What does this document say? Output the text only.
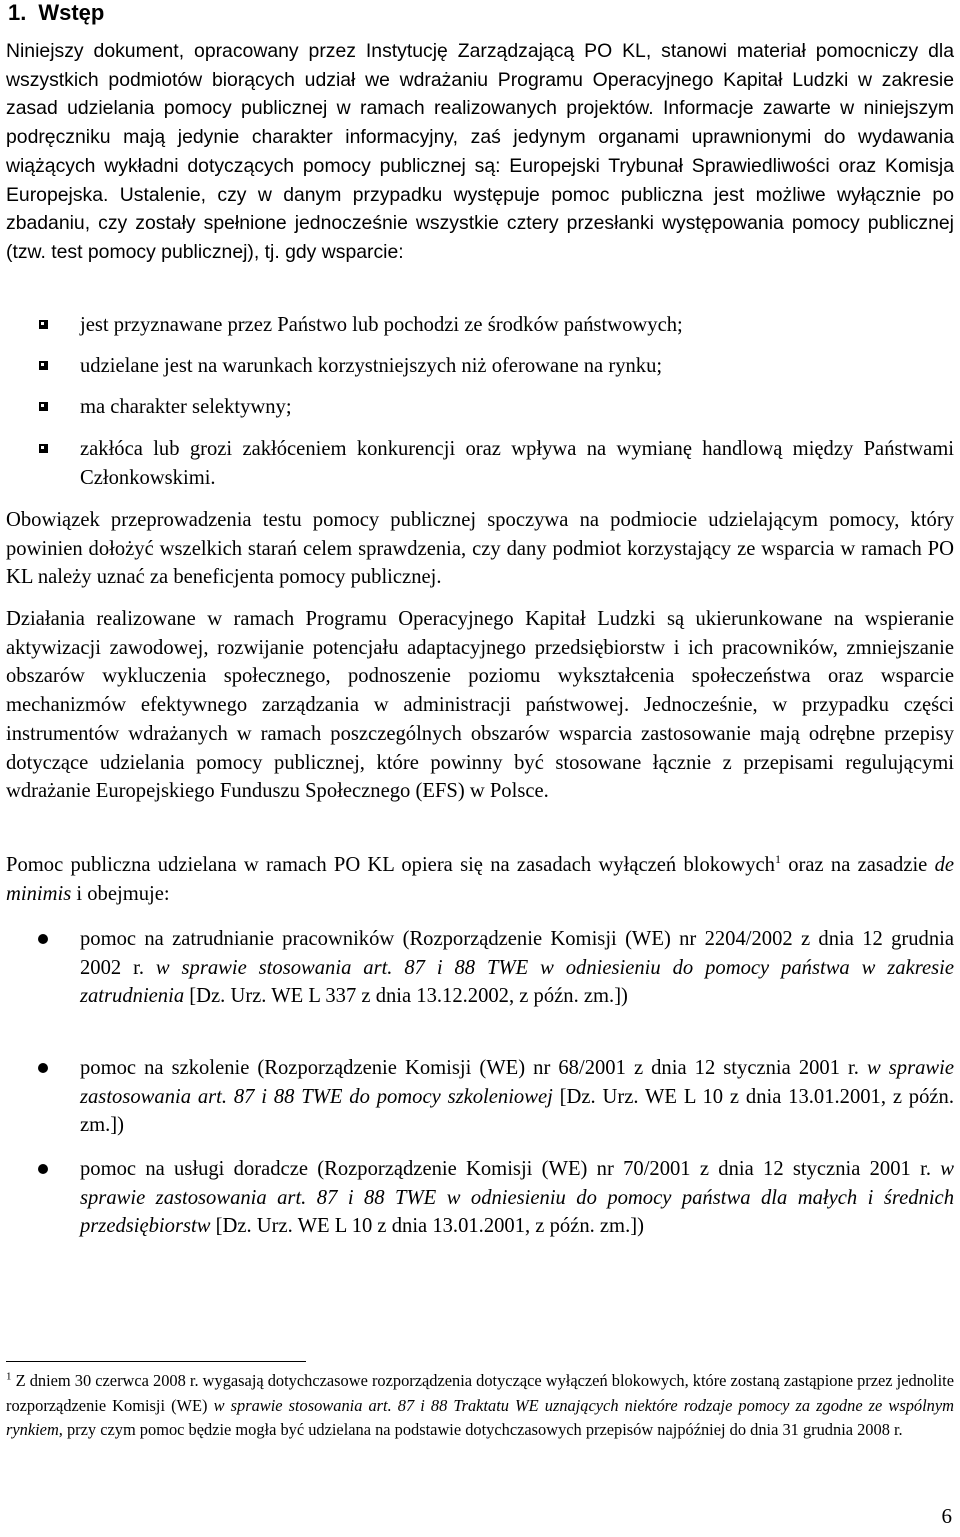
1. Wstęp

Niniejszy dokument, opracowany przez Instytucję Zarządzającą PO KL, stanowi materiał pomocniczy dla wszystkich podmiotów biorących udział we wdrażaniu Programu Operacyjnego Kapitał Ludzki w zakresie zasad udzielania pomocy publicznej w ramach realizowanych projektów. Informacje zawarte w niniejszym podręczniku mają jedynie charakter informacyjny, zaś jedynym organami uprawnionymi do wydawania wiążących wykładni dotyczących pomocy publicznej są: Europejski Trybunał Sprawiedliwości oraz Komisja Europejska. Ustalenie, czy w danym przypadku występuje pomoc publiczna jest możliwe wyłącznie po zbadaniu, czy zostały spełnione jednocześnie wszystkie cztery przesłanki występowania pomocy publicznej (tzw. test pomocy publicznej), tj. gdy wsparcie:

jest przyznawane przez Państwo lub pochodzi ze środków państwowych;

udzielane jest na warunkach korzystniejszych niż oferowane na rynku;

ma charakter selektywny;

zakłóca lub grozi zakłóceniem konkurencji oraz wpływa na wymianę handlową między Państwami Członkowskimi.

Obowiązek przeprowadzenia testu pomocy publicznej spoczywa na podmiocie udzielającym pomocy, który powinien dołożyć wszelkich starań celem sprawdzenia, czy dany podmiot korzystający ze wsparcia w ramach PO KL należy uznać za beneficjenta pomocy publicznej.

Działania realizowane w ramach Programu Operacyjnego Kapitał Ludzki są ukierunkowane na wspieranie aktywizacji zawodowej, rozwijanie potencjału adaptacyjnego przedsiębiorstw i ich pracowników, zmniejszanie obszarów wykluczenia społecznego, podnoszenie poziomu wykształcenia społeczeństwa oraz wsparcie mechanizmów efektywnego zarządzania w administracji państwowej. Jednocześnie, w przypadku części instrumentów wdrażanych w ramach poszczególnych obszarów wsparcia zastosowanie mają odrębne przepisy dotyczące udzielania pomocy publicznej, które powinny być stosowane łącznie z przepisami regulującymi wdrażanie Europejskiego Funduszu Społecznego (EFS) w Polsce.

Pomoc publiczna udzielana w ramach PO KL opiera się na zasadach wyłączeń blokowych$^1$ oraz na zasadzie de minimis i obejmuje:

pomoc na zatrudnianie pracowników (Rozporządzenie Komisji (WE) nr 2204/2002 z dnia 12 grudnia 2002 r. w sprawie stosowania art. 87 i 88 TWE w odniesieniu do pomocy państwa w zakresie zatrudnienia [Dz. Urz. WE L 337 z dnia 13.12.2002, z późn. zm.])

pomoc na szkolenie (Rozporządzenie Komisji (WE) nr 68/2001 z dnia 12 stycznia 2001 r. w sprawie zastosowania art. 87 i 88 TWE do pomocy szkoleniowej [Dz. Urz. WE L 10 z dnia 13.01.2001, z późn. zm.])

pomoc na usługi doradcze (Rozporządzenie Komisji (WE) nr 70/2001 z dnia 12 stycznia 2001 r. w sprawie zastosowania art. 87 i 88 TWE w odniesieniu do pomocy państwa dla małych i średnich przedsiębiorstw [Dz. Urz. WE L 10 z dnia 13.01.2001, z późn. zm.])

$^1$ Z dniem 30 czerwca 2008 r. wygasają dotychczasowe rozporządzenia dotyczące wyłączeń blokowych, które zostaną zastąpione przez jednolite rozporządzenie Komisji (WE) w sprawie stosowania art. 87 i 88 Traktatu WE uznających niektóre rodzaje pomocy za zgodne ze wspólnym rynkiem, przy czym pomoc będzie mogła być udzielana na podstawie dotychczasowych przepisów najpóźniej do dnia 31 grudnia 2008 r.

6
